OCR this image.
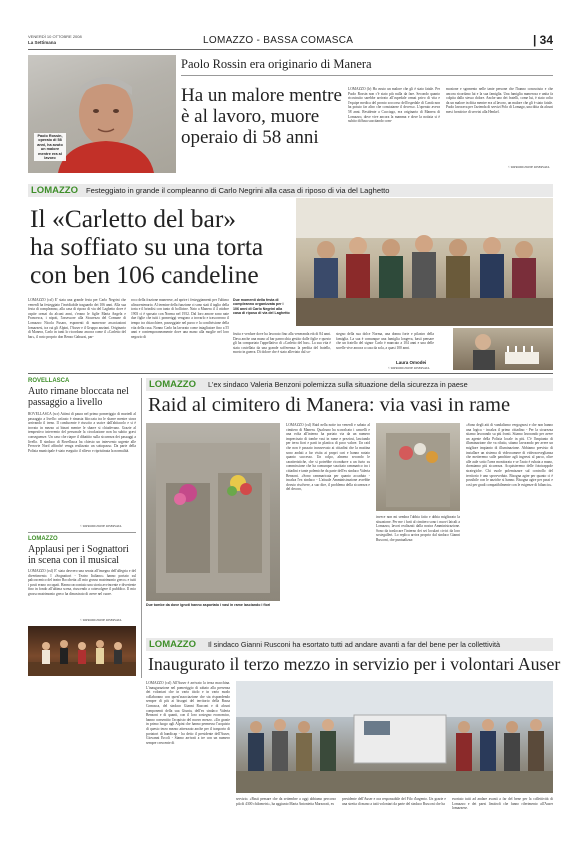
VENERDÌ 10 OTTOBRE 2008
La Settimana	LOMAZZO - BASSA COMASCA	| 34
Paolo Rossin, operaio di 58 anni, ha avuto un malore mentre era al lavoro
Paolo Rossin era originario di Manera
Ha un malore mentre è al lavoro, muore operaio di 58 anni
LOMAZZO (lr) Ha avuto un malore che gli è stato fatale. Per Paolo Rossin non c'è stato più nulla da fare. Secondo quanto ricostruito sarebbe arrivato all'ospedale ormai privo di vita e l'equipe medica del pronto soccorso dell'ospedale di Cantù non ha potuto far altro che constatarne il decesso. L'operaio aveva 58 anni. Residente a Cucciago, era originario di Manera di Lomazzo, dove vive ancora la mamma e dove la notizia si è subito diffusa suscitando com-
mozione e sgomento nelle tante persone che l'hanno conosciuto e che ancora ricordano lui e la sua famiglia. Una famiglia numerosa e unita fa colpita dallo stesso dolore. Anche uno dei fratelli, come lui, è stato colto da un malore in ditta mentre era al lavoro, un malore che gli è stato fatale. Paolo lavorava per l'azienda di servizi Polo di Lomago, una ditta da alcuni mesi fornitrice di servizi alla Henkel.
© RIPRODUZIONE RISERVATA
LOMAZZO Festeggiato in grande il compleanno di Carlo Negrini alla casa di riposo di via del Laghetto
Il «Carletto del bar»
ha soffiato su una torta
con ben 106 candeline
LOMAZZO (csl) E' stata una grande festa per Carlo Negrini che venerdì ha festeggiato l'invidiabile traguardo dei 106 anni. Alla sua festa di compleanno, alla casa di riposo di via del Laghetto dove è ospite ormai da alcuni anni, c'erano le figlie Maria Angela e Francesca, i nipoti, l'assessore alla Sicurezza del Comune di Lomazzo Nicola Fusaro, esponenti di numerose associazioni lomazzesi, tra cui gli Alpini, l'Auser e il Gruppo anziani. Originario di Manera, Carlo in tanti lo ricordano ancora come il «Carletto del bar», il noto proprio don Renzo Gabuzzi, par-
roco della frazione manerese, ad aprire i festeggiamenti per l'ultimo ultracentenario. Al termine della funzione ci sono stati il taglio della torta e il brindisi con tanto di bollicine. Nato a Manera il 4 ottobre 1903 ci è sposato con Norma nel 1952. Dal loro amore sono nate due figlie che tutti i pomeriggi vengono a trovarlo e trascorrono il tempo tra chiacchiere, passeggiate nel parco e la condivisione della vita della casa. Nonno Carlo ha lavorato come intagliatore fino a 55 anni e contemporaneamente dove una mano alla moglie nel loro negozio di
Due momenti della festa di compleanno organizzata per i 106 anni di Carlo Negrini alla casa di riposo di via del Laghetto
frutta e verdure dove ha lavorato fino alla veneranda età di 84 anni. Dava anche una mano al bar parrocchia gestito dalle figlie e questo gli ha comportato l'appellativo di «Carletto del bar». La sua vita è stata costellata da una grande sofferenza: la perdita del fratello, morto in guerra. Di dolore che è stato alleviato dal so-
stegno della sua dolce Norma, una donna forte e pilastro della famiglia. La sua è comunque una famiglia longeva, basti pensare che un fratello del signor Carlo è mancato a 104 anni e una delle sorelle vive ancora a casa da sola, a quasi 100 anni.
Laura Omodei
© RIPRODUZIONE RISERVATA
ROVELLASCA
Auto rimane bloccata nel passaggio a livello
ROVELLASCA (scr) Attimi di paura nel primo pomeriggio di martedì al passaggio a livello: un'auto è rimasta bloccata tra le sbarre mentre stava arrivando il treno. Il conducente è riuscito a uscire dall'abitacolo e si è trovato in mezzo ai binari mentre le sbarre si chiudevano. Grazie al tempestivo intervento del personale la circolazione non ha subito gravi conseguenze. Un caso che riapre il dibattito sulla sicurezza dei passaggi a livello. Il sindaco di Rovellasca ha chiesto un intervento urgente alle Ferrovie Nord affinché venga realizzato un sottopasso. Da parte della Polizia municipale è stato eseguito il rilievo e ripristinata la normalità.
© RIPRODUZIONE RISERVATA
LOMAZZO
Applausi per i Sognattori in scena con il musical
LOMAZZO (csl) E' stata davvero una serata all'insegna dell'allegria e del divertimento. I «Sognattori - Teatro Italiano» hanno portato sul palcoscenico del teatro Rocchetta «Il mio grosso matrimonio greco» e tutti i posti erano occupati. Hanno raccontato una storia avvincente e divertente fino in fondo all'ultima scena, riuscendo a coinvolgere il pubblico. Il mio grosso matrimonio greco ha dimostrato di avere nel cuore.
© RIPRODUZIONE RISERVATA
LOMAZZO L'ex sindaco Valeria Benzoni polemizza sulla situazione della sicurezza in paese
Raid al cimitero di Manera: via vasi in rame
Due tombe da dove ignoti hanno asportato i vasi in rame lasciando i fiori
LOMAZZO (csl) Raid nella notte tra venerdì e sabato al cimitero di Manera. Qualcuno ha scavalcato i cancelli e una volta all'interno ha portato via da un numero imprecisato di tombe vasi in rame e preziosi, lasciando per terra fiori e parti in plastica di poco valore. Un raid che non è passato inosservato ai cittadini che la mattina sono andati a far visita ai propri cari e hanno notato quanto successo. Un colpo, almeno secondo le caratteristiche, che si potrebbe ricondurre a un furto su commissione che ha comunque suscitato rammarico tra i cittadini e tante polemiche da parte dell'ex sindaco Valeria Benzoni. «Sono rammaricata per quanto accaduto - incalza l'ex sindaco - L'attuale Amministrazione avrebbe dovuto risolvere, a suo dire, il problema della sicurezza e del decoro,
invece non mi sembra l'abbia fatto e abbia migliorato la situazione. Per me i furti al cimitero sono i nuovi laicali a Lomazzo, lavori realizzati dalla nostra Amministrazione. Sono da traslocare l'interno dei sei loculari civici da loro sostegalleri. Lo replica arriva proprio dal sindaco Gianni Rusconi, che puntualizza:
«Sono degli atti di vandalismo vergognosi e che non hanno una logica - incalza il primo cittadino - Per la sicurezza stiamo lavorando su più fronti. Stiamo lavorando per avere un agente della Polizia locale in più. C'è l'impianto di illuminazione che va rifatto, stiamo lavorando per avere un migliore impianto di illuminazione. Abbiamo previsto di installare un sistema di videocamere di videosorveglianza che metteremo sulle panchine agli ingressi al parco, oltre alle aule sotto l'area monitorata e se l'auto è rubata a mano, dormiamo più sicurezza. Acquisteremo delle fototrappole strategiche. Chi vuole polemizzare sul controllo del territorio è uno sprovveduto. Bisogna agire per quanto ci è possibile con le anziche si hanno. Bisogna agire per passi e così per gradi compatibilmente con le esigenze di bilancio».
LOMAZZO Il sindaco Gianni Rusconi ha esortato tutti ad andare avanti a far del bene per la collettività
Inaugurato il terzo mezzo in servizio per i volontari Auser
LOMAZZO (csl) All'Auser è arrivato la terza macchina. L'inaugurazione nel pomeriggio di sabato alla presenza dei volontari che in vario titolo e in vario modo collaborano con quest'associazione che sta rispondendo sempre di più ai bisogni del territorio della Bassa Comasca, del sindaco Gianni Rusconi e di alcuni componenti della sua Giunta, dell'ex sindaco Valeria Benzoni e di quanti, con il loro sostegno economico, hanno consentito l'acquisto del nuovo mezzo. «Un grazie in primo luogo agli Alpini che hanno permesso l'acquisto di questo terzo mezzo attrezzato anche per il trasporto di portatori di handicap - ha detto il presidente dell'Auser, Giovanni Ercoli - Siamo arrivati a tre con un numero sempre crescente di
servizio. «Basti pensare che da settembre a oggi abbiamo percorso più di 4300 chilometri», ha aggiunto Maria Antonietta Marzorati, ex
presidente dell'Auser e ora responsabile del Filo d'argento. Un grazie e una stretta di mano a tutti volontari da parte del sindaco Rusconi che ha
esortato tutti ad andare avanti a far del bene per la collettività di Lomazzo e dei paesi limitrofi che fanno riferimento all'Auser lomazzese.
